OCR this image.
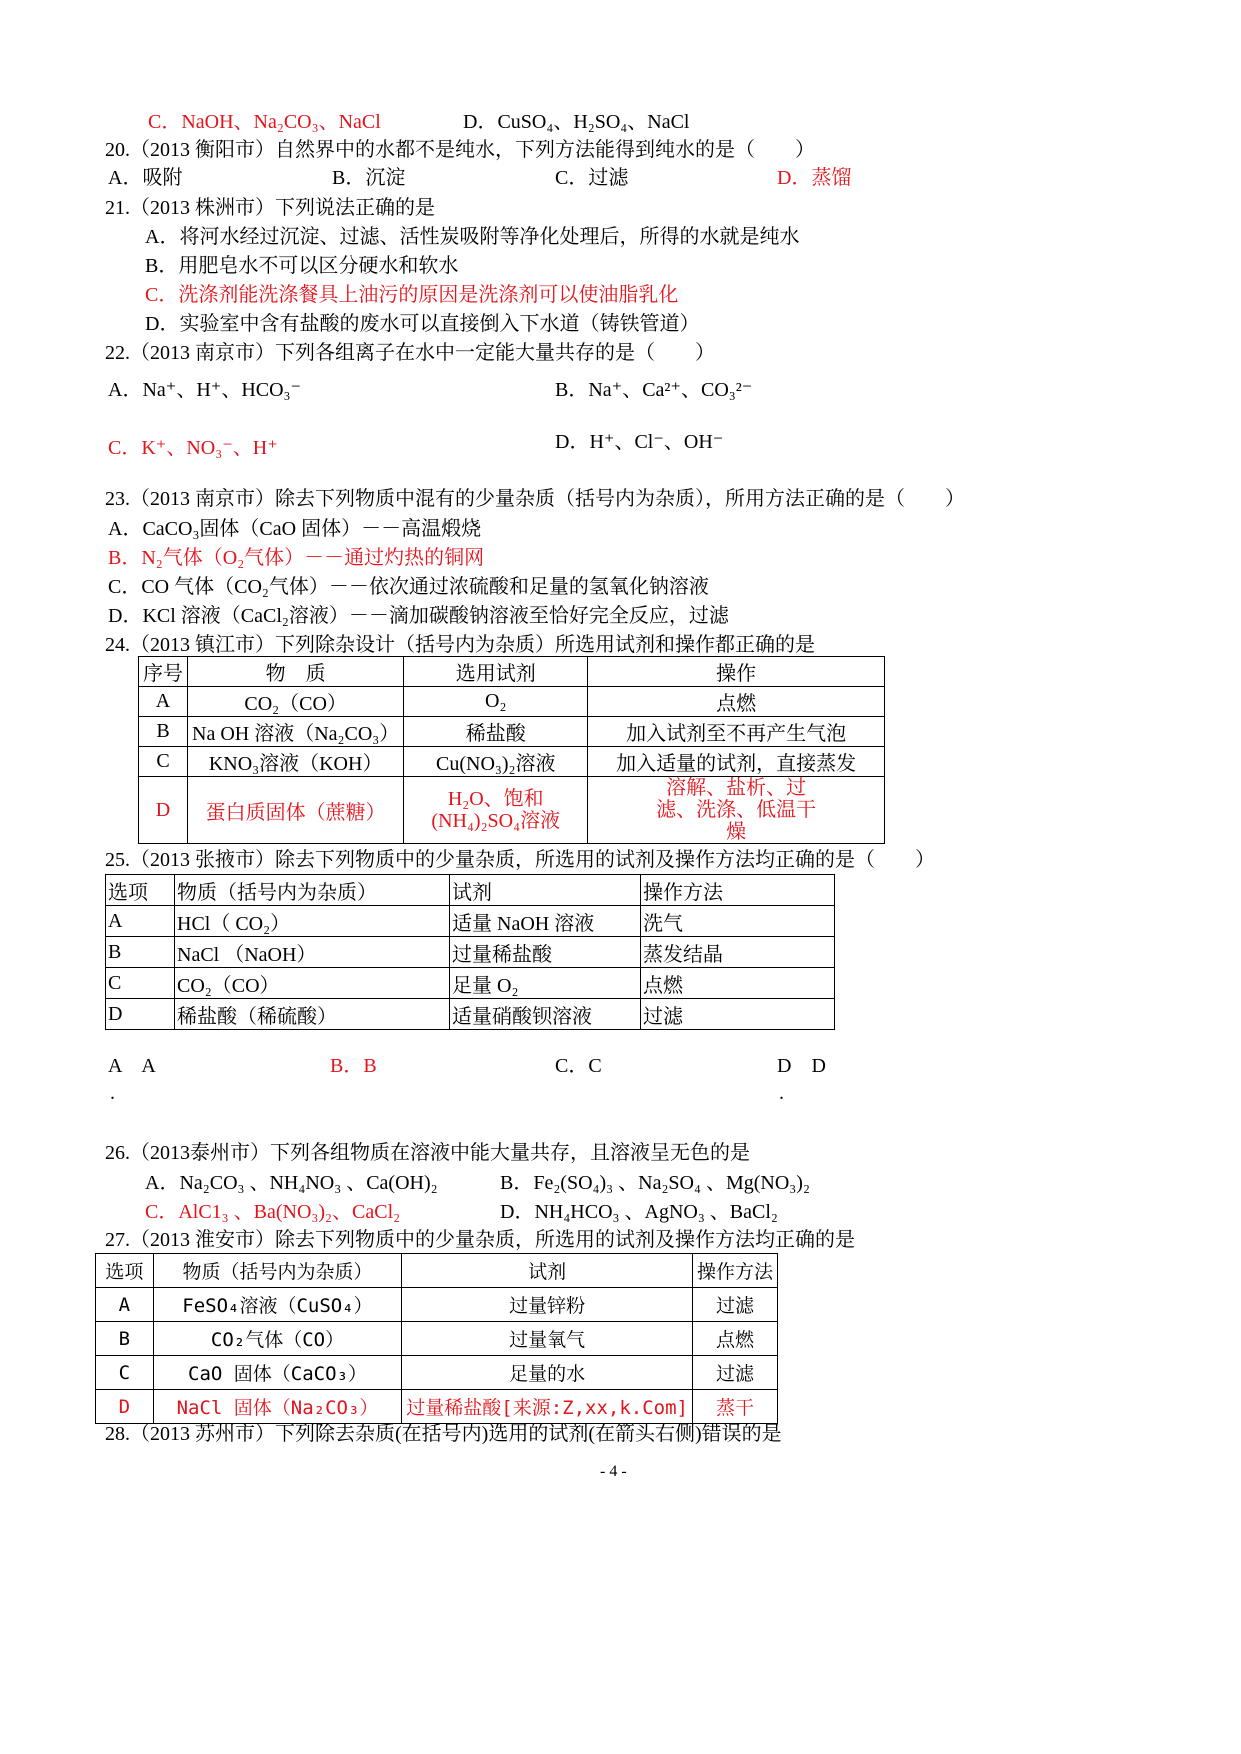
C．NaOH、Na₂CO₃、NaCl	D．CuSO₄、H₂SO₄、NaCl
20.（2013 衡阳市）自然界中的水都不是纯水，下列方法能得到纯水的是（　　）
A．吸附	B．沉淀	C．过滤	D．蒸馏
21.（2013 株洲市）下列说法正确的是
A．将河水经过沉淀、过滤、活性炭吸附等净化处理后，所得的水就是纯水
B．用肥皂水不可以区分硬水和软水
C．洗涤剂能洗涤餐具上油污的原因是洗涤剂可以使油脂乳化
D．实验室中含有盐酸的废水可以直接倒入下水道（铸铁管道）
22.（2013 南京市）下列各组离子在水中一定能大量共存的是（　　）
A．Na⁺、H⁺、HCO₃⁻	B．Na⁺、Ca²⁺、CO₃²⁻
C．K⁺、NO₃⁻、H⁺	D．H⁺、Cl⁻、OH⁻
23.（2013 南京市）除去下列物质中混有的少量杂质（括号内为杂质），所用方法正确的是（　　）
A．CaCO₃固体（CaO 固体）－－高温煅烧
B．N₂气体（O₂气体）－－通过灼热的铜网
C．CO 气体（CO₂气体）－－依次通过浓硫酸和足量的氢氧化钠溶液
D．KCl 溶液（CaCl₂溶液）－－滴加碳酸钠溶液至恰好完全反应，过滤
24.（2013 镇江市）下列除杂设计（括号内为杂质）所选用试剂和操作都正确的是
序号	物　质	选用试剂	操作
A	CO₂（CO）	O₂	点燃
B	Na OH 溶液（Na₂CO₃）	稀盐酸	加入试剂至不再产生气泡
C	KNO₃溶液（KOH）	Cu(NO₃)₂溶液	加入适量的试剂，直接蒸发
D	蛋白质固体（蔗糖）	H₂O、饱和(NH₄)₂SO₄溶液	溶解、盐析、过滤、洗涤、低温干燥
25.（2013 张掖市）除去下列物质中的少量杂质，所选用的试剂及操作方法均正确的是（　　）
选项	物质（括号内为杂质）	试剂	操作方法
A	HCl（ CO₂）	适量 NaOH 溶液	洗气
B	NaCl （NaOH）	过量稀盐酸	蒸发结晶
C	CO₂（CO）	足量 O₂	点燃
D	稀盐酸（稀硫酸）	适量硝酸钡溶液	过滤
A　A	B．B	C．C	D　D
.	.
26.（2013泰州市）下列各组物质在溶液中能大量共存，且溶液呈无色的是
A．Na₂CO₃ 、NH₄NO₃ 、Ca(OH)₂	B．Fe₂(SO₄)₃ 、Na₂SO₄ 、Mg(NO₃)₂
C．AlC1₃ 、Ba(NO₃)₂、CaCl₂	D．NH₄HCO₃ 、AgNO₃ 、BaCl₂
27.（2013 淮安市）除去下列物质中的少量杂质，所选用的试剂及操作方法均正确的是
选项	物质（括号内为杂质）	试剂	操作方法
A	FeSO₄溶液（CuSO₄）	过量锌粉	过滤
B	CO₂气体（CO）	过量氧气	点燃
C	CaO 固体（CaCO₃）	足量的水	过滤
D	NaCl 固体（Na₂CO₃）	过量稀盐酸[来源:Z,xx,k.Com]	蒸干
28.（2013 苏州市）下列除去杂质(在括号内)选用的试剂(在箭头右侧)错误的是
- 4 -
